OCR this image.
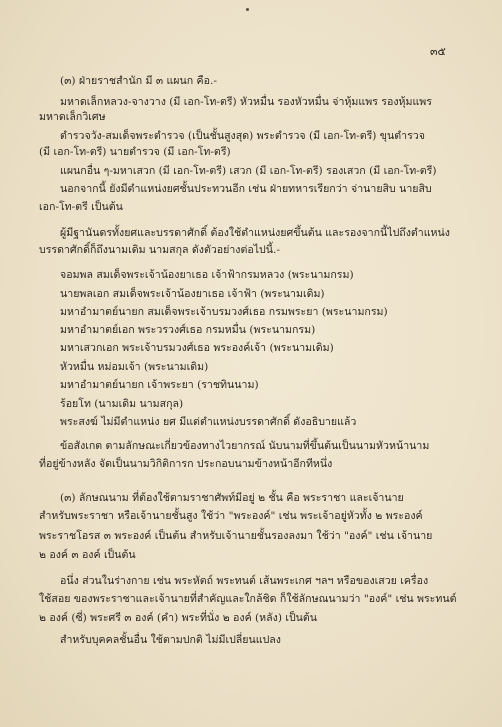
๓๕
(๓) ฝ่ายราชสำนัก มี ๓ แผนก คือ.-
มหาดเล็กหลวง-จางวาง (มี เอก-โท-ตรี) หัวหมื่น รองหัวหมื่น จ่าหุ้มแพร รองหุ้มแพร
มหาดเล็กวิเศษ
ตำรวจวัง-สมเด็จพระตำรวจ (เป็นชั้นสูงสุด) พระตำรวจ (มี เอก-โท-ตรี) ขุนตำรวจ
(มี เอก-โท-ตรี) นายตำรวจ (มี เอก-โท-ตรี)
แผนกอื่น ๆ-มหาเสวก (มี เอก-โท-ตรี) เสวก (มี เอก-โท-ตรี) รองเสวก (มี เอก-โท-ตรี)
นอกจากนี้ ยังมีตำแหน่งยศชั้นประทวนอีก เช่น ฝ่ายทหารเรียกว่า จ่านายสิบ นายสิบ
เอก-โท-ตรี เป็นต้น
ผู้มีฐานันดรทั้งยศและบรรดาศักดิ์ ต้องใช้ตำแหน่งยศขึ้นต้น และรองจากนี้ไปถึงตำแหน่ง
บรรดาศักดิ์ก็ถึงนามเดิม นามสกุล ดังตัวอย่างต่อไปนี้.-
จอมพล สมเด็จพระเจ้าน้องยาเธอ เจ้าฟ้ากรมหลวง (พระนามกรม)
นายพลเอก สมเด็จพระเจ้าน้องยาเธอ เจ้าฟ้า (พระนามเดิม)
มหาอำมาตย์นายก สมเด็จพระเจ้าบรมวงศ์เธอ กรมพระยา (พระนามกรม)
มหาอำมาตย์เอก พระวรวงศ์เธอ กรมหมื่น (พระนามกรม)
มหาเสวกเอก พระเจ้าบรมวงศ์เธอ พระองค์เจ้า (พระนามเดิม)
หัวหมื่น หม่อมเจ้า (พระนามเดิม)
มหาอำมาตย์นายก เจ้าพระยา (ราชทินนาม)
ร้อยโท (นามเดิม นามสกุล)
พระสงฆ์ ไม่มีตำแหน่ง ยศ มีแต่ตำแหน่งบรรดาศักดิ์ ดังอธิบายแล้ว
ข้อสังเกต ตามลักษณะเกี่ยวข้องทางไวยากรณ์ นับนามที่ขึ้นต้นเป็นนามหัวหน้านาม
ที่อยู่ข้างหลัง จัดเป็นนามวิกิติการก ประกอบนามข้างหน้าอีกทีหนึ่ง
(๓) ลักษณนาม ที่ต้องใช้ตามราชาศัพท์มีอยู่ ๒ ชั้น คือ พระราชา และเจ้านาย
สำหรับพระราชา หรือเจ้านายชั้นสูง ใช้ว่า "พระองค์" เช่น พระเจ้าอยู่หัวทั้ง ๒ พระองค์
พระราชโอรส ๓ พระองค์ เป็นต้น สำหรับเจ้านายชั้นรองลงมา ใช้ว่า "องค์" เช่น เจ้านาย
๒ องค์ ๓ องค์ เป็นต้น
อนึ่ง ส่วนในร่างกาย เช่น พระหัตถ์ พระทนต์ เส้นพระเกศ ฯลฯ หรือของเสวย เครื่อง
ใช้สอย ของพระราชาและเจ้านายที่สำคัญและใกล้ชิด ก็ใช้ลักษณนามว่า "องค์" เช่น พระทนต์
๒ องค์ (ซี่) พระศรี ๓ องค์ (คำ) พระที่นั่ง ๒ องค์ (หลัง) เป็นต้น
สำหรับบุคคลชั้นอื่น ใช้ตามปกติ ไม่มีเปลี่ยนแปลง
